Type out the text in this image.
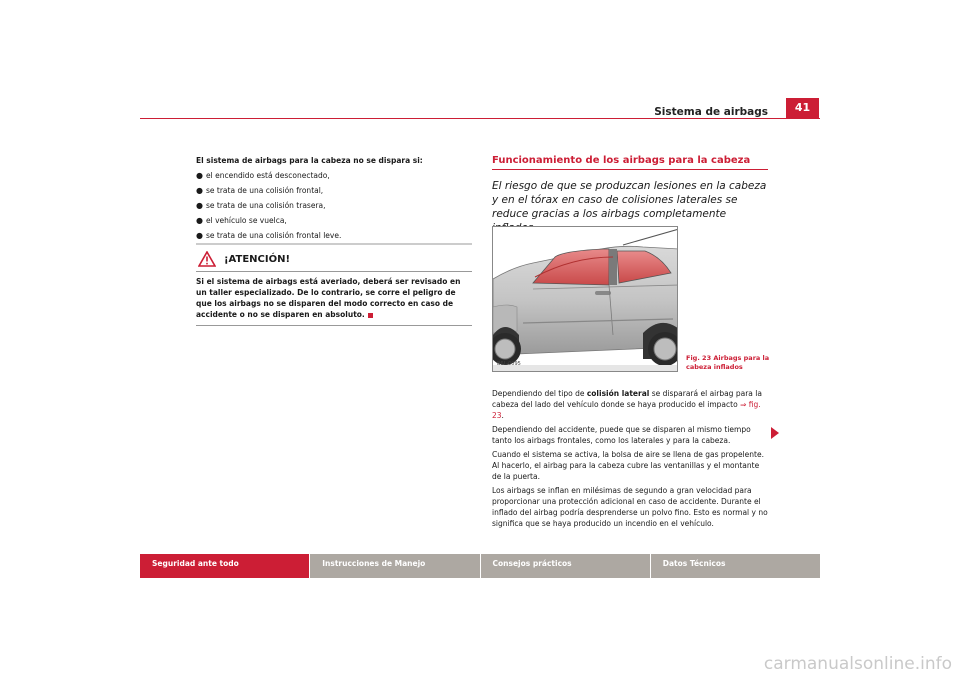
Sistema de airbags	41
El sistema de airbags para la cabeza no se dispara si:
● el encendido está desconectado,
● se trata de una colisión frontal,
● se trata de una colisión trasera,
● el vehículo se vuelca,
● se trata de una colisión frontal leve.
¡ATENCIÓN!
Si el sistema de airbags está averiado, deberá ser revisado en un taller especializado. De lo contrario, se corre el peligro de que los airbags no se disparen del modo correcto en caso de accidente o no se disparen en absoluto.
Funcionamiento de los airbags para la cabeza
El riesgo de que se produzcan lesiones en la cabeza y en el tórax en caso de colisiones laterales se reduce gracias a los airbags completamente
B6L-0095
Fig. 23 Airbags para la cabeza inflados

Dependiendo del tipo de colisión lateral se disparará el airbag para la cabeza del lado del vehículo donde se haya producido el impacto ⇒ fig. 23.

Dependiendo del accidente, puede que se disparen al mismo tiempo tanto los airbags frontales, como los laterales y para la cabeza.

Cuando el sistema se activa, la bolsa de aire se llena de gas propelente. Al hacerlo, el airbag para la cabeza cubre las ventanillas y el montante de la puerta.

Los airbags se inflan en milésimas de segundo a gran velocidad para proporcionar una protección adicional en caso de accidente. Durante el inflado del airbag podría desprenderse un polvo fino. Esto es normal y no significa que se haya producido un incendio en el vehículo.

Seguridad ante todo	Instrucciones de Manejo	Consejos prácticos	Datos Técnicos
carmanualsonline.info
